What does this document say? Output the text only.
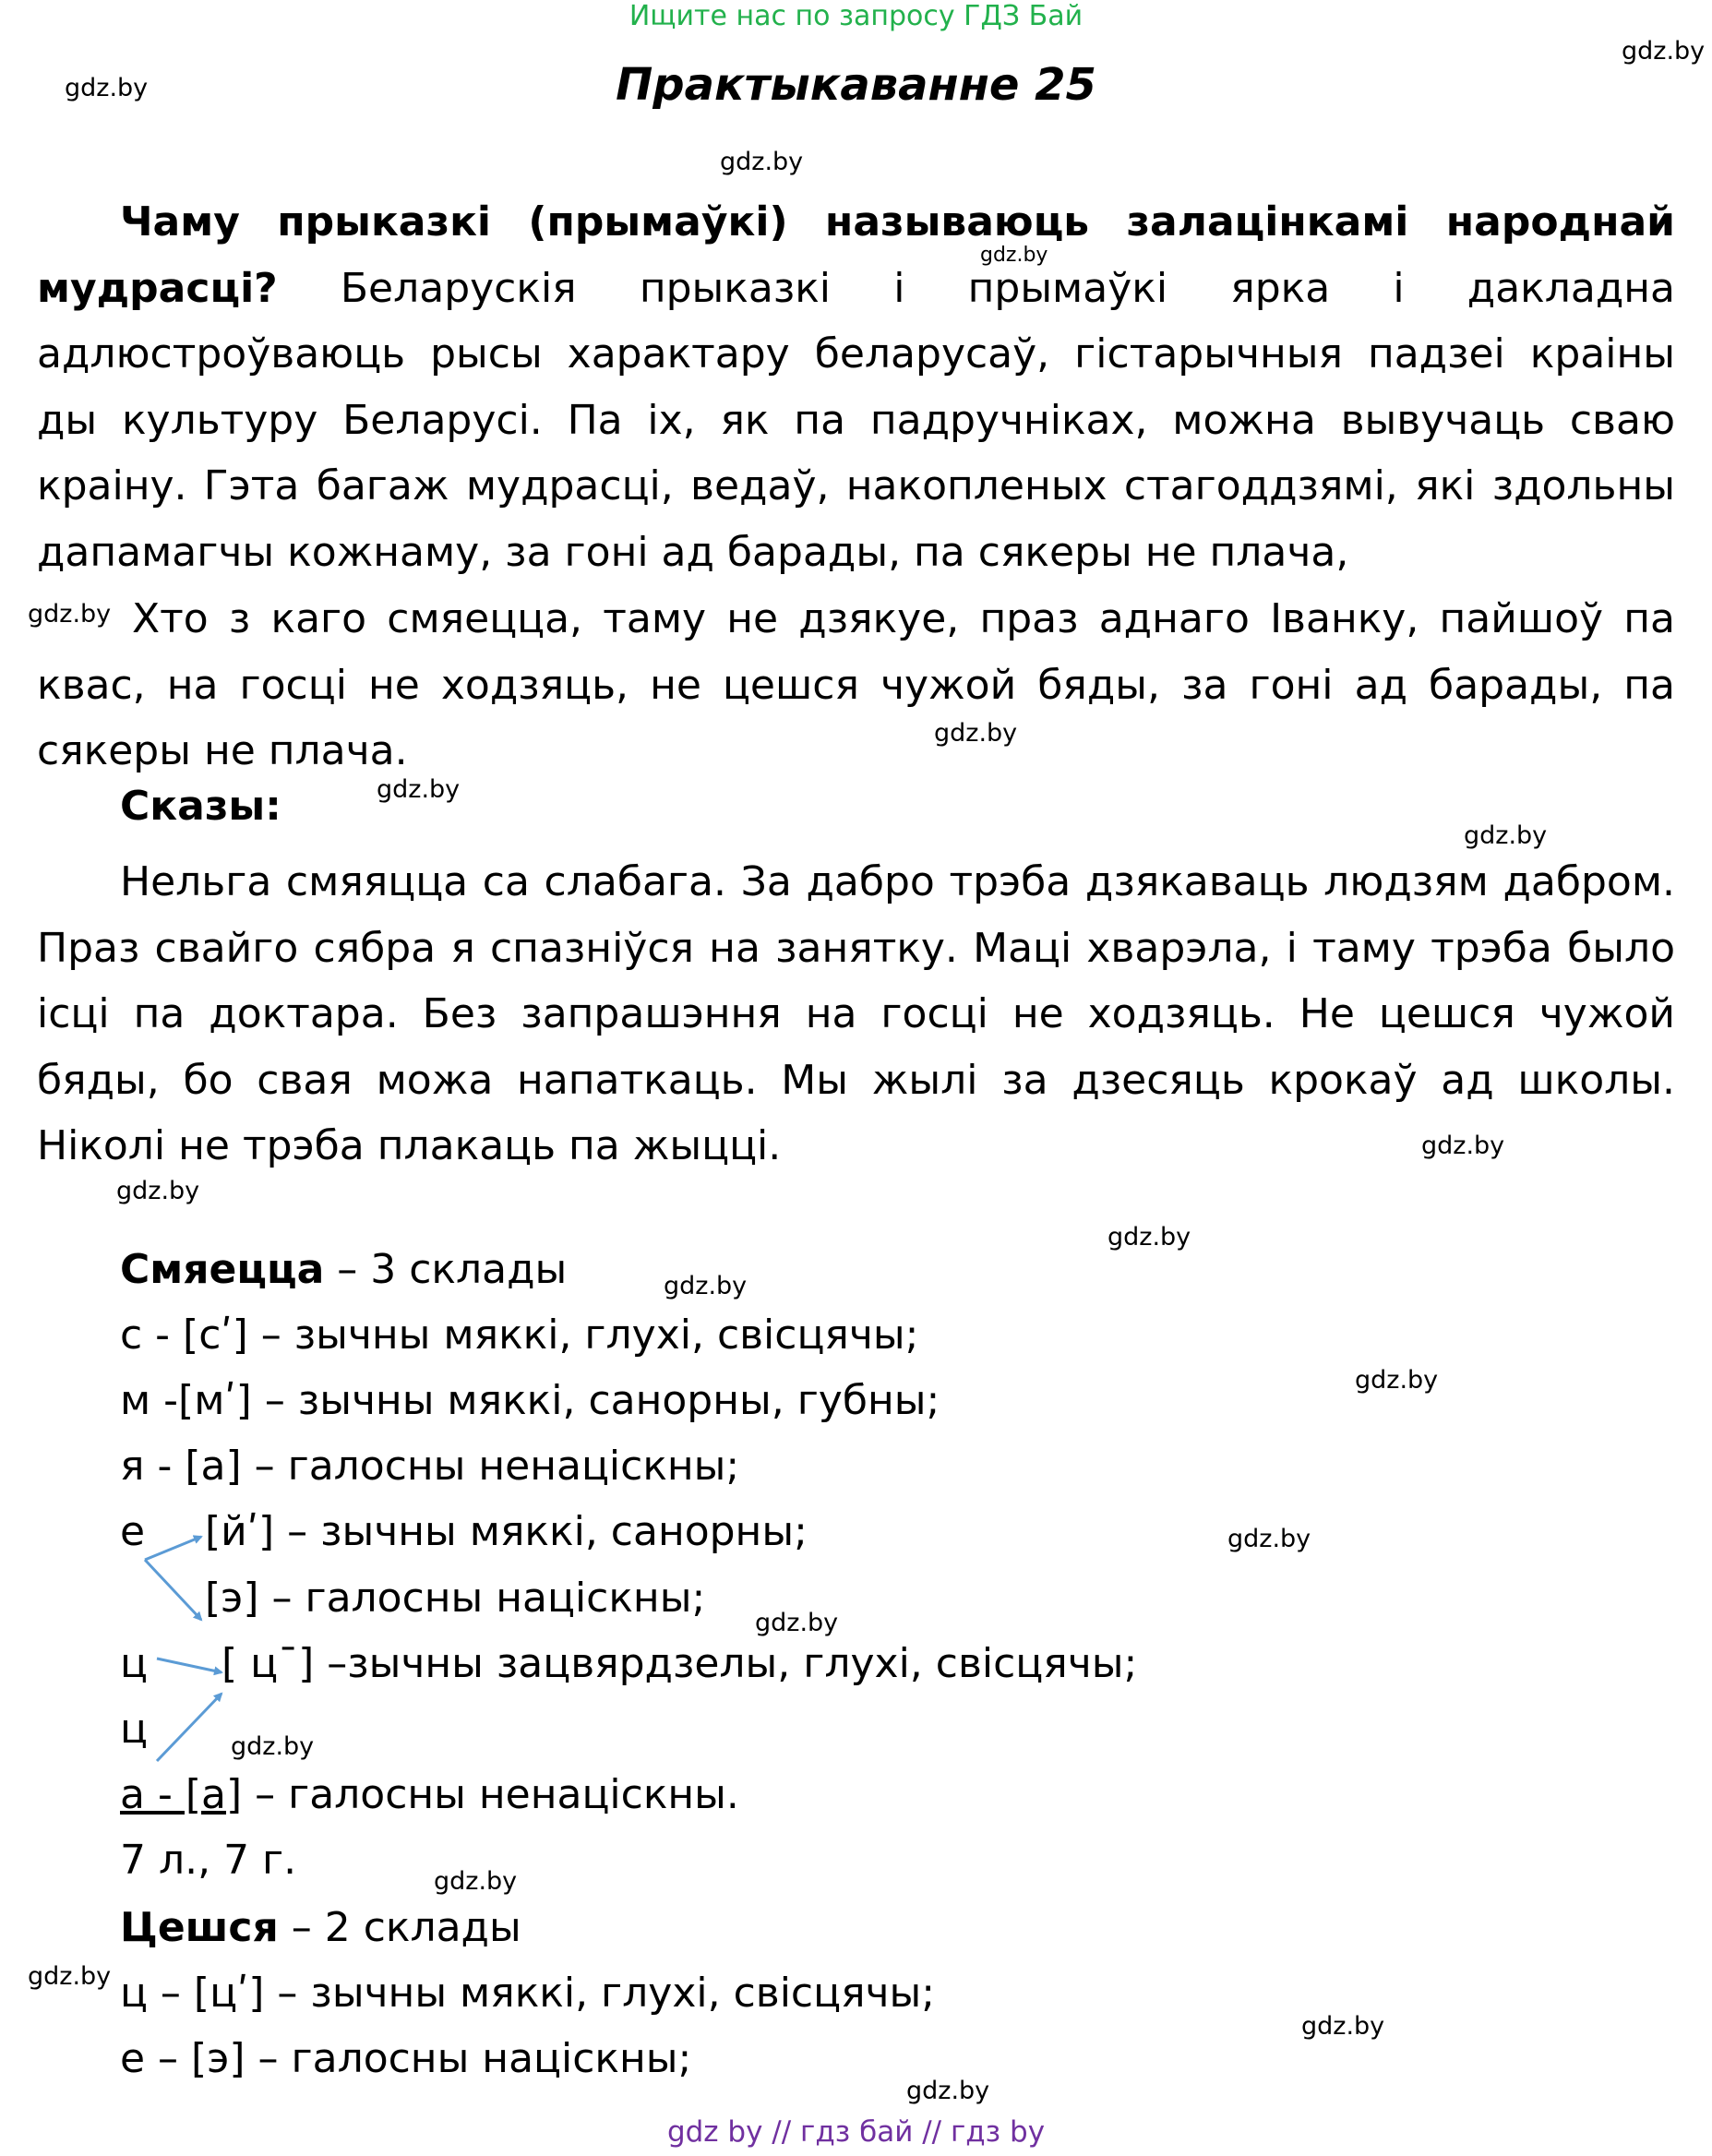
Ищите нас по запросу ГДЗ Бай
Практыкаванне 25
gdz.by
gdz.by
gdz.by
gdz.by
gdz.by
gdz.by
gdz.by
gdz.by
gdz.by
gdz.by
gdz.by
gdz.by
gdz.by
gdz.by
gdz.by
gdz.by
gdz.by
gdz.by
gdz.by
gdz.by
Чаму прыказкі (прымаўкі) называюць залацінкамі народнай мудрасці? Беларускія прыказкі і прымаўкі ярка і дакладна адлюстроўваюць рысы характару беларусаў, гістарычныя падзеі краіны ды культуру Беларусі. Па іх, як па падручніках, можна вывучаць сваю краіну. Гэта багаж мудрасці, ведаў, накопленых стагоддзямі, які здольны дапамагчы кожнаму, за гоні ад барады, па сякеры не плача,
Хто з каго смяецца, таму не дзякуе, праз аднаго Іванку, пайшоў па квас, на госці не ходзяць, не цешся чужой бяды, за гоні ад барады, па сякеры не плача.
Сказы:
Нельга смяяцца са слабага. За дабро трэба дзякаваць людзям дабром. Праз свайго сябра я спазніўся на занятку. Маці хварэла, і таму трэба было ісці па доктара. Без запрашэння на госці не ходзяць. Не цешся чужой бяды, бо свая можа напаткаць. Мы жылі за дзесяць крокаў ад школы. Ніколі не трэба плакаць па жыцці.
Смяецца – 3 склады
с - [сʹ] – зычны мяккі, глухі, свісцячы;
м -[мʹ] – зычны мяккі, санорны, губны;
я - [а] – галосны ненаціскны;
е [йʹ] – зычны мяккі, санорны;
[э] – галосны націскны;
ц [ ц¯] –зычны зацвярдзелы, глухі, свісцячы;
ц
а - [а] – галосны ненаціскны.
7 л., 7 г.
Цешся – 2 склады
ц – [цʹ] – зычны мяккі, глухі, свісцячы;
е – [э] – галосны націскны;
gdz by // гдз бай // гдз by
